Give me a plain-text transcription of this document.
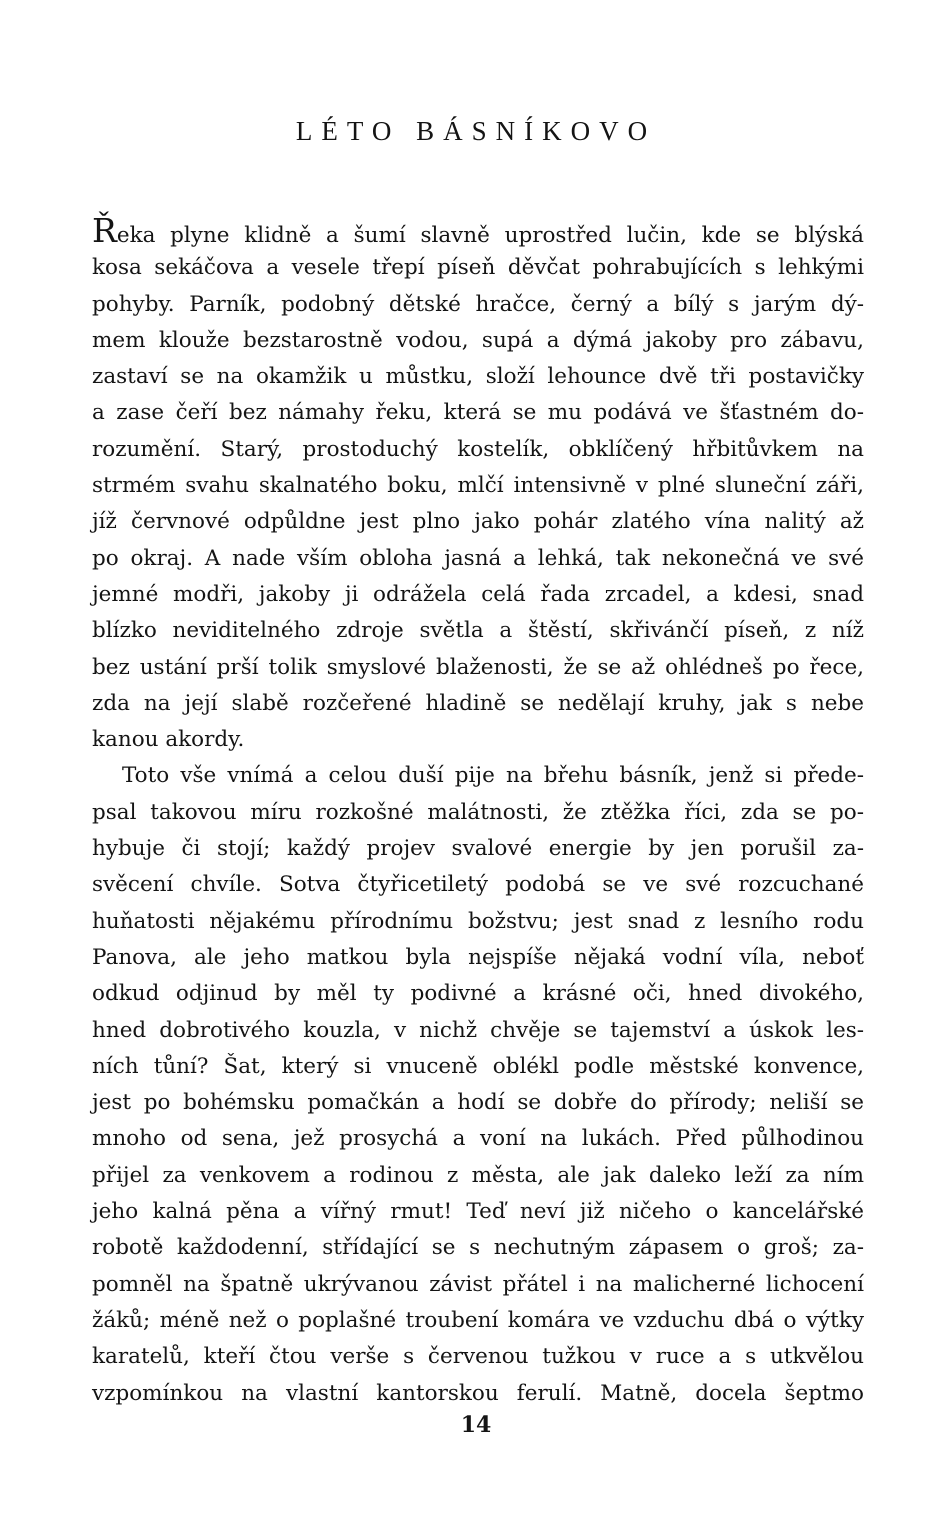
LÉTO BÁSNÍKOVO
Řeka plyne klidně a šumí slavně uprostřed lučin, kde se blýská
kosa sekáčova a vesele třepí píseň děvčat pohrabujících s lehkými
pohyby. Parník, podobný dětské hračce, černý a bílý s jarým dý-
mem klouže bezstarostně vodou, supá a dýmá jakoby pro zábavu,
zastaví se na okamžik u můstku, složí lehounce dvě tři postavičky
a zase čeří bez námahy řeku, která se mu podává ve šťastném do-
rozumění. Starý, prostoduchý kostelík, obklíčený hřbitůvkem na
strmém svahu skalnatého boku, mlčí intensivně v plné sluneční záři,
jíž červnové odpůldne jest plno jako pohár zlatého vína nalitý až
po okraj. A nade vším obloha jasná a lehká, tak nekonečná ve své
jemné modři, jakoby ji odrážela celá řada zrcadel, a kdesi, snad
blízko neviditelného zdroje světla a štěstí, skřivánčí píseň, z níž
bez ustání prší tolik smyslové blaženosti, že se až ohlédneš po řece,
zda na její slabě rozčeřené hladině se nedělají kruhy, jak s nebe
kanou akordy.
Toto vše vnímá a celou duší pije na břehu básník, jenž si přede-
psal takovou míru rozkošné malátnosti, že ztěžka říci, zda se po-
hybuje či stojí; každý projev svalové energie by jen porušil za-
svěcení chvíle. Sotva čtyřicetiletý podobá se ve své rozcuchané
huňatosti nějakému přírodnímu božstvu; jest snad z lesního rodu
Panova, ale jeho matkou byla nejspíše nějaká vodní víla, neboť
odkud odjinud by měl ty podivné a krásné oči, hned divokého,
hned dobrotivého kouzla, v nichž chvěje se tajemství a úskok les-
ních tůní? Šat, který si vnuceně oblékl podle městské konvence,
jest po bohémsku pomačkán a hodí se dobře do přírody; neliší se
mnoho od sena, jež prosychá a voní na lukách. Před půlhodinou
přijel za venkovem a rodinou z města, ale jak daleko leží za ním
jeho kalná pěna a vířný rmut! Teď neví již ničeho o kancelářské
robotě každodenní, střídající se s nechutným zápasem o groš; za-
pomněl na špatně ukrývanou závist přátel i na malicherné lichocení
žáků; méně než o poplašné troubení komára ve vzduchu dbá o výtky
karatelů, kteří čtou verše s červenou tužkou v ruce a s utkvělou
vzpomínkou na vlastní kantorskou ferulí. Matně, docela šeptmo
14
